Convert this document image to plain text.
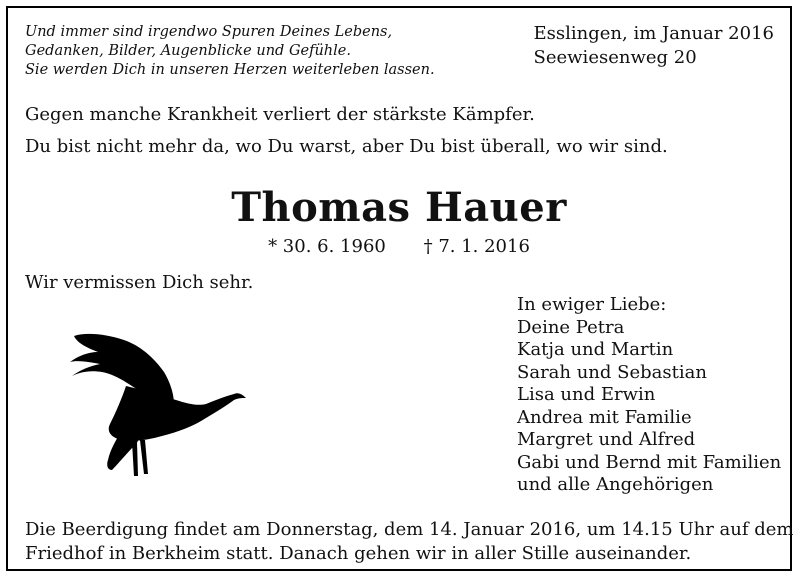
Und immer sind irgendwo Spuren Deines Lebens,
Gedanken, Bilder, Augenblicke und Gefühle.
Sie werden Dich in unseren Herzen weiterleben lassen.
Esslingen, im Januar 2016
Seewiesenweg 20
Gegen manche Krankheit verliert der stärkste Kämpfer.
Du bist nicht mehr da, wo Du warst, aber Du bist überall, wo wir sind.
Thomas Hauer
* 30. 6. 1960 † 7. 1. 2016
Wir vermissen Dich sehr.
In ewiger Liebe:
Deine Petra
Katja und Martin
Sarah und Sebastian
Lisa und Erwin
Andrea mit Familie
Margret und Alfred
Gabi und Bernd mit Familien
und alle Angehörigen
Die Beerdigung findet am Donnerstag, dem 14. Januar 2016, um 14.15 Uhr auf dem
Friedhof in Berkheim statt. Danach gehen wir in aller Stille auseinander.
